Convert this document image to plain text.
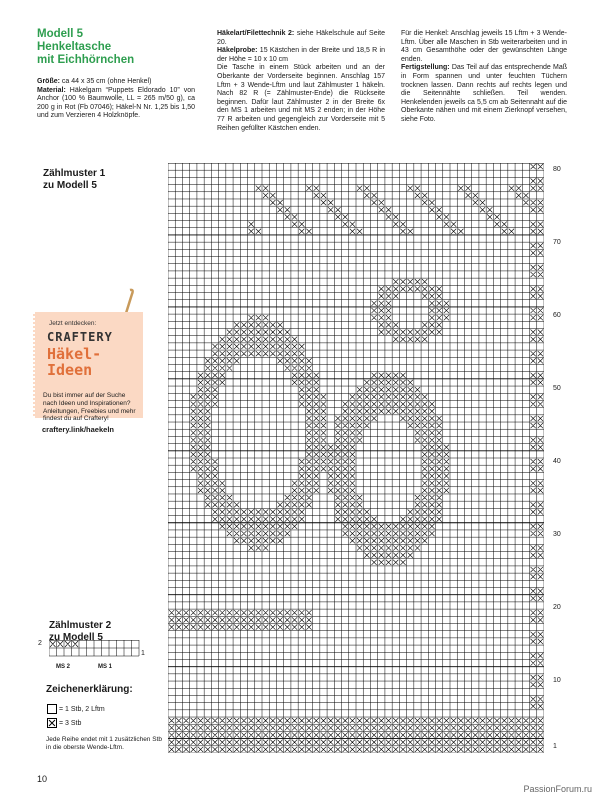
Modell 5
Henkeltasche
mit Eichhörnchen
Größe: ca 44 x 35 cm (ohne Henkel)
Material: Häkelgarn “Puppets Eldorado 10” von Anchor (100 % Baumwolle, LL = 265 m/50 g), ca 200 g in Rot (Fb 07046); Häkel-N Nr. 1,25 bis 1,50 und zum Verzieren 4 Holzknöpfe.
Häkelart/Filettechnik 2: siehe Häkelschule auf Seite 20.
Häkelprobe: 15 Kästchen in der Breite und 18,5 R in der Höhe = 10 x 10 cm
Die Tasche in einem Stück arbeiten und an der Oberkante der Vorderseite beginnen. Anschlag 157 Lftm + 3 Wende-Lftm und laut Zählmuster 1 häkeln. Nach 82 R (= Zählmuster-Ende) die Rückseite beginnen. Dafür laut Zählmuster 2 in der Breite 6x den MS 1 arbeiten und mit MS 2 enden; in der Höhe 77 R arbeiten und gegengleich zur Vorderseite mit 5 Reihen gefüllter Kästchen enden.
Für die Henkel: Anschlag jeweils 15 Lftm + 3 Wende-Lftm. Über alle Maschen in Stb weiterarbeiten und in 43 cm Gesamthöhe oder der gewünschten Länge enden.
Fertigstellung: Das Teil auf das entsprechende Maß in Form spannen und unter feuchten Tüchern trocknen lassen. Dann rechts auf rechts legen und die Seitennähte schließen. Teil wenden. Henkelenden jeweils ca 5,5 cm ab Seitennaht auf die Oberkante nähen und mit einem Zierknopf versehen, siehe Foto.
Zählmuster 1
zu Modell 5
Jetzt entdecken:
CRAFTERY
Häkel-
Ideen
Du bist immer auf der Suche nach Ideen und Inspirationen? Anleitungen, Freebies und mehr findest du auf Craftery!
craftery.link/haekeln
Zählmuster 2
zu Modell 5
2
1
MS 2	MS 1
Zeichenerklärung:
= 1 Stb, 2 Lftm
= 3 Stb
Jede Reihe endet mit 1 zusätzlichen Stb in die oberste Wende-Lftm.
80
70
60
50
40
30
20
10
1
10
PassionForum.ru
